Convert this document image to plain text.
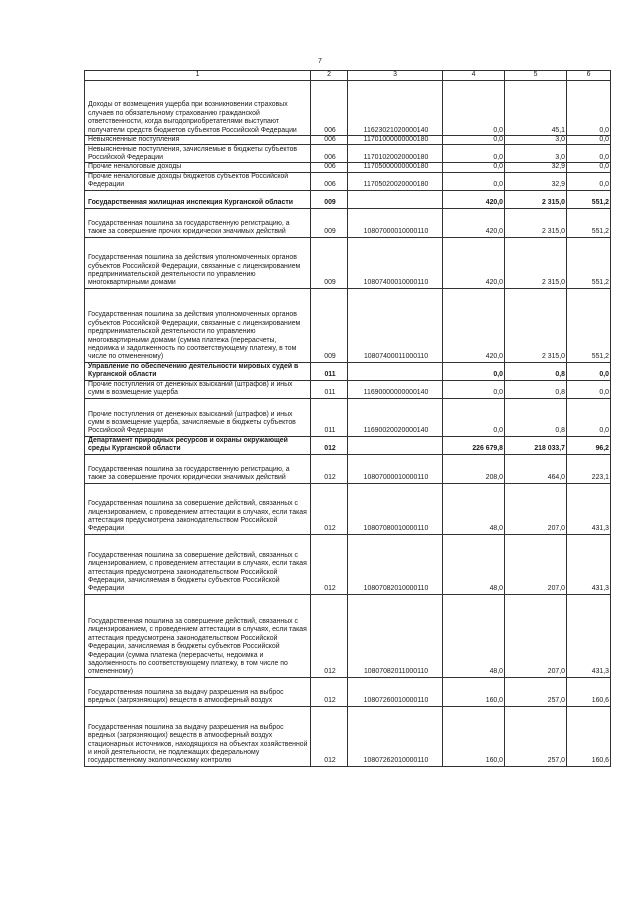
7
1	2	3	4	5	6
Доходы от возмещения ущерба при возникновении страховых случаев по обязательному страхованию гражданской ответственности, когда выгодоприобретателями выступают получатели средств бюджетов субъектов Российской Федерации	006	11623021020000140	0,0	45,1	0,0
Невыясненные поступления	006	11701000000000180	0,0	3,0	0,0
Невыясненные поступления, зачисляемые в бюджеты субъектов Российской Федерации	006	11701020020000180	0,0	3,0	0,0
Прочие неналоговые доходы	006	11705000000000180	0,0	32,9	0,0
Прочие неналоговые доходы бюджетов субъектов Российской Федерации	006	11705020020000180	0,0	32,9	0,0
Государственная жилищная инспекция Курганской области	009		420,0	2 315,0	551,2
Государственная пошлина за государственную регистрацию, а также за совершение прочих юридически значимых действий	009	10807000010000110	420,0	2 315,0	551,2
Государственная пошлина за действия уполномоченных органов субъектов Российской Федерации, связанные с лицензированием предпринимательской деятельности по управлению многоквартирными домами	009	10807400010000110	420,0	2 315,0	551,2
Государственная пошлина за действия уполномоченных органов субъектов Российской Федерации, связанные с лицензированием предпринимательской деятельности по управлению многоквартирными домами (сумма платежа (перерасчеты, недоимка и задолженность по соответствующему платежу, в том числе по отмененному)	009	10807400011000110	420,0	2 315,0	551,2
Управление по обеспечению деятельности мировых судей в Курганской области	011		0,0	0,8	0,0
Прочие поступления от денежных взысканий (штрафов) и иных сумм в возмещение ущерба	011	11690000000000140	0,0	0,8	0,0
Прочие поступления от денежных взысканий (штрафов) и иных сумм в возмещение ущерба, зачисляемые в бюджеты субъектов Российской Федерации	011	11690020020000140	0,0	0,8	0,0
Департамент природных ресурсов и охраны окружающей среды Курганской области	012		226 679,8	218 033,7	96,2
Государственная пошлина за государственную регистрацию, а также за совершение прочих юридически значимых действий	012	10807000010000110	208,0	464,0	223,1
Государственная пошлина за совершение действий, связанных с лицензированием, с проведением аттестации в случаях, если такая аттестация предусмотрена законодательством Российской Федерации	012	10807080010000110	48,0	207,0	431,3
Государственная пошлина за совершение действий, связанных с лицензированием, с проведением аттестации в случаях, если такая аттестация предусмотрена законодательством Российской Федерации, зачисляемая в бюджеты субъектов Российской Федерации	012	10807082010000110	48,0	207,0	431,3
Государственная пошлина за совершение действий, связанных с лицензированием, с проведением аттестации в случаях, если такая аттестация предусмотрена законодательством Российской Федерации, зачисляемая в бюджеты субъектов Российской Федерации (сумма платежа (перерасчеты, недоимка и задолженность по соответствующему платежу, в том числе по отмененному)	012	10807082011000110	48,0	207,0	431,3
Государственная пошлина за выдачу разрешения на выброс вредных (загрязняющих) веществ в атмосферный воздух	012	10807260010000110	160,0	257,0	160,6
Государственная пошлина за выдачу разрешения на выброс вредных (загрязняющих) веществ в атмосферный воздух стационарных источников, находящихся на объектах хозяйственной и иной деятельности, не подлежащих федеральному государственному экологическому контролю	012	10807262010000110	160,0	257,0	160,6
